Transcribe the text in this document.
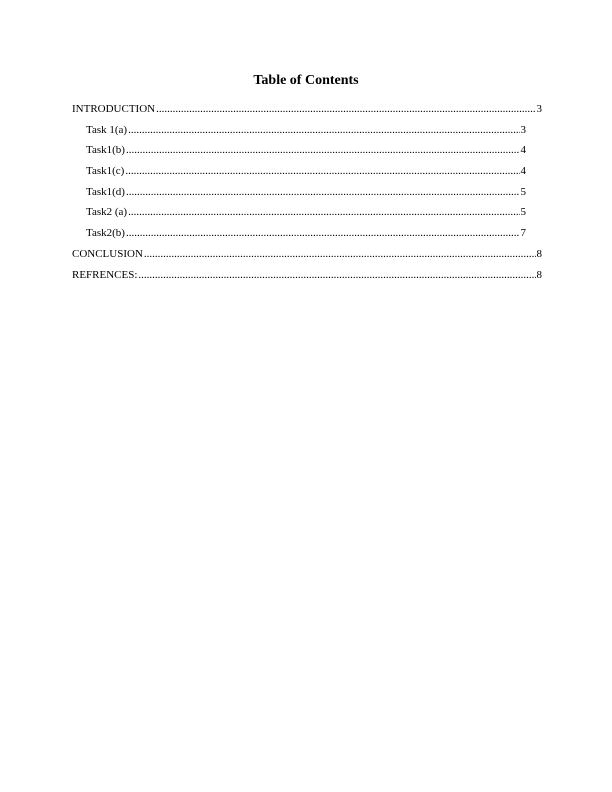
Table of Contents
INTRODUCTION .....	3
Task 1(a) .....	3
Task1(b) .....	4
Task1(c) .....	4
Task1(d) .....	5
Task2 (a) .....	5
Task2(b) .....	7
CONCLUSION .....	8
REFRENCES: .....	8
